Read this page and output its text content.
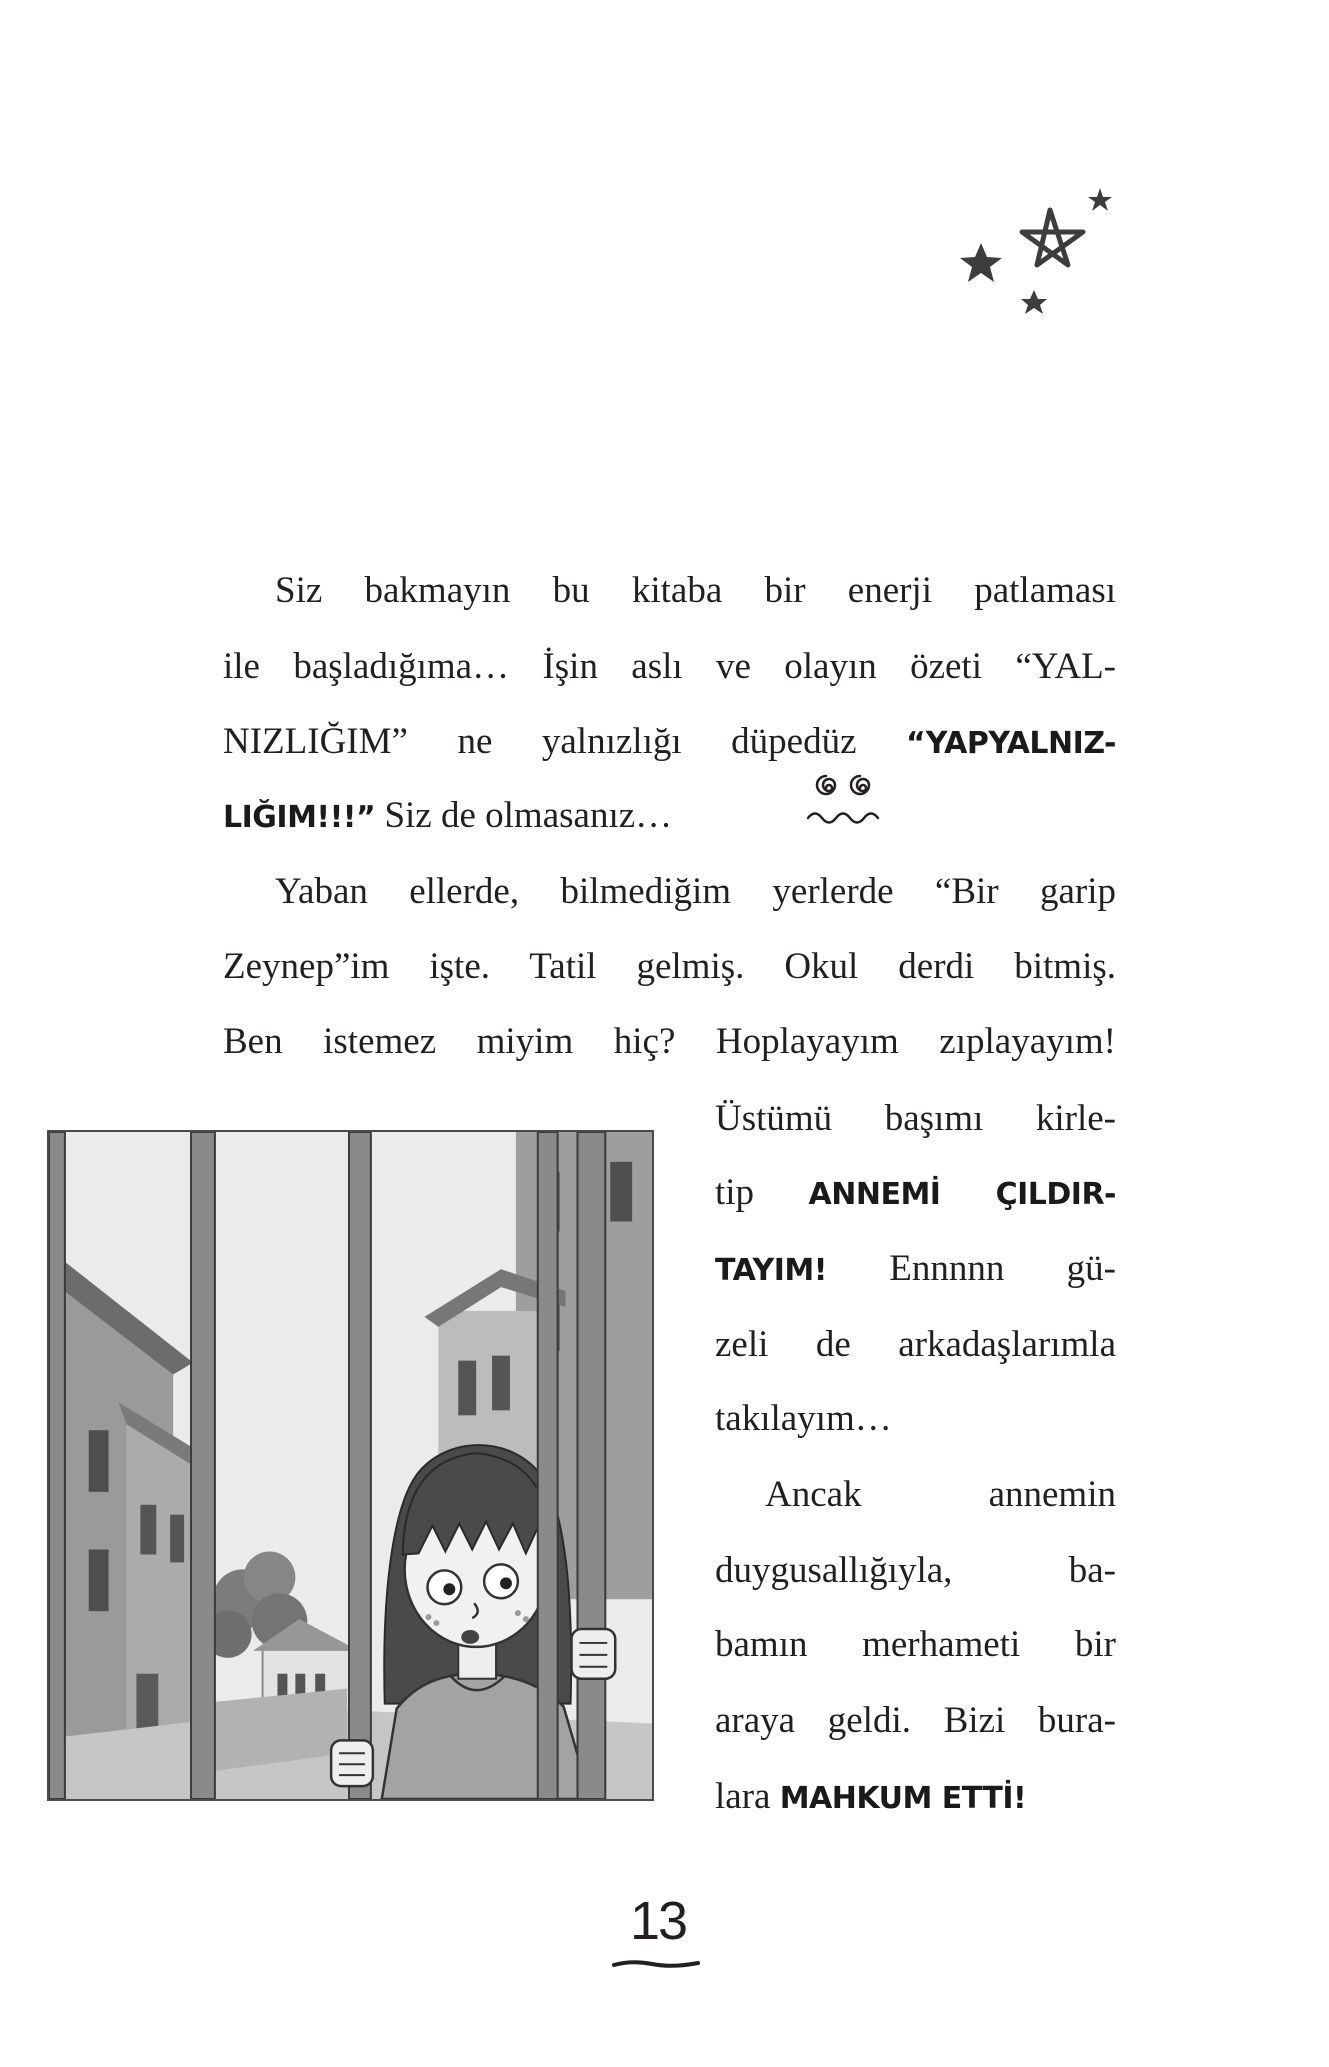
Siz bakmayın bu kitaba bir enerji patlaması
ile başladığıma… İşin aslı ve olayın özeti “YAL-
NIZLIĞIM” ne yalnızlığı düpedüz “YAPYALNIZ-
LIĞIM!!!” Siz de olmasanız…
Yaban ellerde, bilmediğim yerlerde “Bir garip
Zeynep”im işte. Tatil gelmiş. Okul derdi bitmiş.
Ben istemez miyim hiç? Hoplayayım zıplayayım!
Üstümü başımı kirle-
tip ANNEMİ ÇILDIR-
TAYIM! Ennnnn gü-
zeli de arkadaşlarımla
takılayım…
Ancak annemin
duygusallığıyla, ba-
bamın merhameti bir
araya geldi. Bizi bura-
lara MAHKUM ETTİ!
13
